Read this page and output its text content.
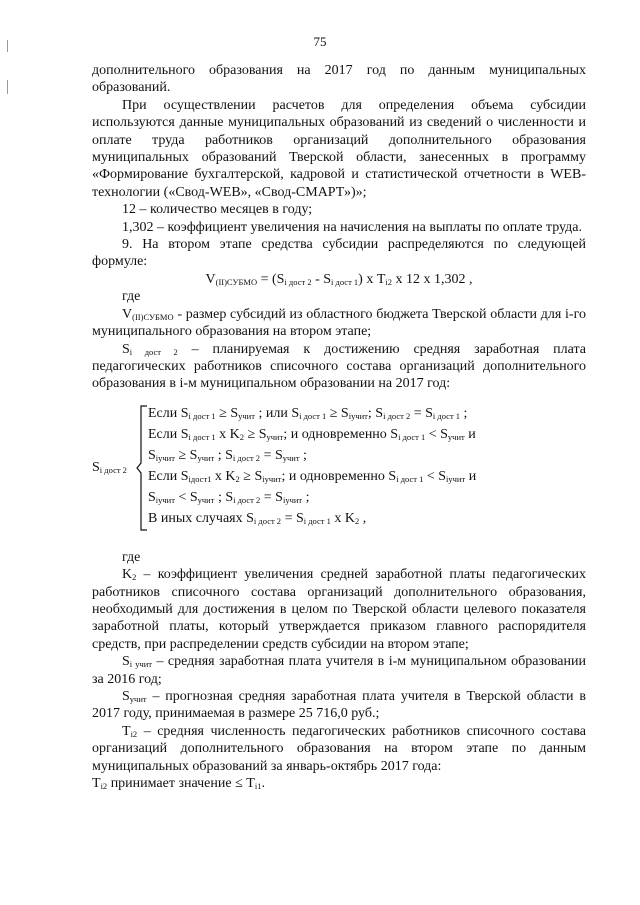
75

дополнительного образования на 2017 год по данным муниципальных образований.

При осуществлении расчетов для определения объема субсидии используются данные муниципальных образований из сведений о численности и оплате труда работников организаций дополнительного образования муниципальных образований Тверской области, занесенных в программу «Формирование бухгалтерской, кадровой и статистической отчетности в WEB-технологии («Свод-WEB», «Свод-СМАРТ»)»;

12 – количество месяцев в году;

1,302 – коэффициент увеличения на начисления на выплаты по оплате труда.

9. На втором этапе средства субсидии распределяются по следующей формуле:

$V_{(II)СУБМО} = (S_{i дост 2} - S_{i дост 1})$ х $T_{i2}$ х 12 х 1,302 ,

где

$V_{(II)СУБМО}$ - размер субсидий из областного бюджета Тверской области для i-го муниципального образования на втором этапе;

$S_{i дост 2}$ – планируемая к достижению средняя заработная плата педагогических работников списочного состава организаций дополнительного образования в i-м муниципальном образовании на 2017 год:

$S_{i дост 2}$
Если $S_{i дост 1} \ge S_{учит}$ ; или $S_{i дост 1} \ge S_{iучит}$; $S_{i дост 2} = S_{i дост 1}$ ;
Если $S_{i дост 1}$ х $K_2 \ge S_{учит}$; и одновременно $S_{i дост 1} < S_{учит}$ и
$S_{iучит} \ge S_{учит}$ ; $S_{i дост 2} = S_{учит}$ ;
Если $S_{iдост1}$ х $K_2 \ge S_{iучит}$; и одновременно $S_{i дост 1} < S_{iучит}$ и
$S_{iучит} < S_{учит}$ ; $S_{i дост 2} = S_{iучит}$ ;
В иных случаях $S_{i дост 2} = S_{i дост 1}$ х $K_2$ ,

где

$K_2$ – коэффициент увеличения средней заработной платы педагогических работников списочного состава организаций дополнительного образования, необходимый для достижения в целом по Тверской области целевого показателя заработной платы, который утверждается приказом главного распорядителя средств, при распределении средств субсидии на втором этапе;

$S_{i учит}$ – средняя заработная плата учителя в i-м муниципальном образовании за 2016 год;

$S_{учит}$ – прогнозная средняя заработная плата учителя в Тверской области в 2017 году, принимаемая в размере 25 716,0 руб.;

$T_{i2}$ – средняя численность педагогических работников списочного состава организаций дополнительного образования на втором этапе по данным муниципальных образований за январь-октябрь 2017 года:

$T_{i2}$ принимает значение ≤ $T_{i1}$.
